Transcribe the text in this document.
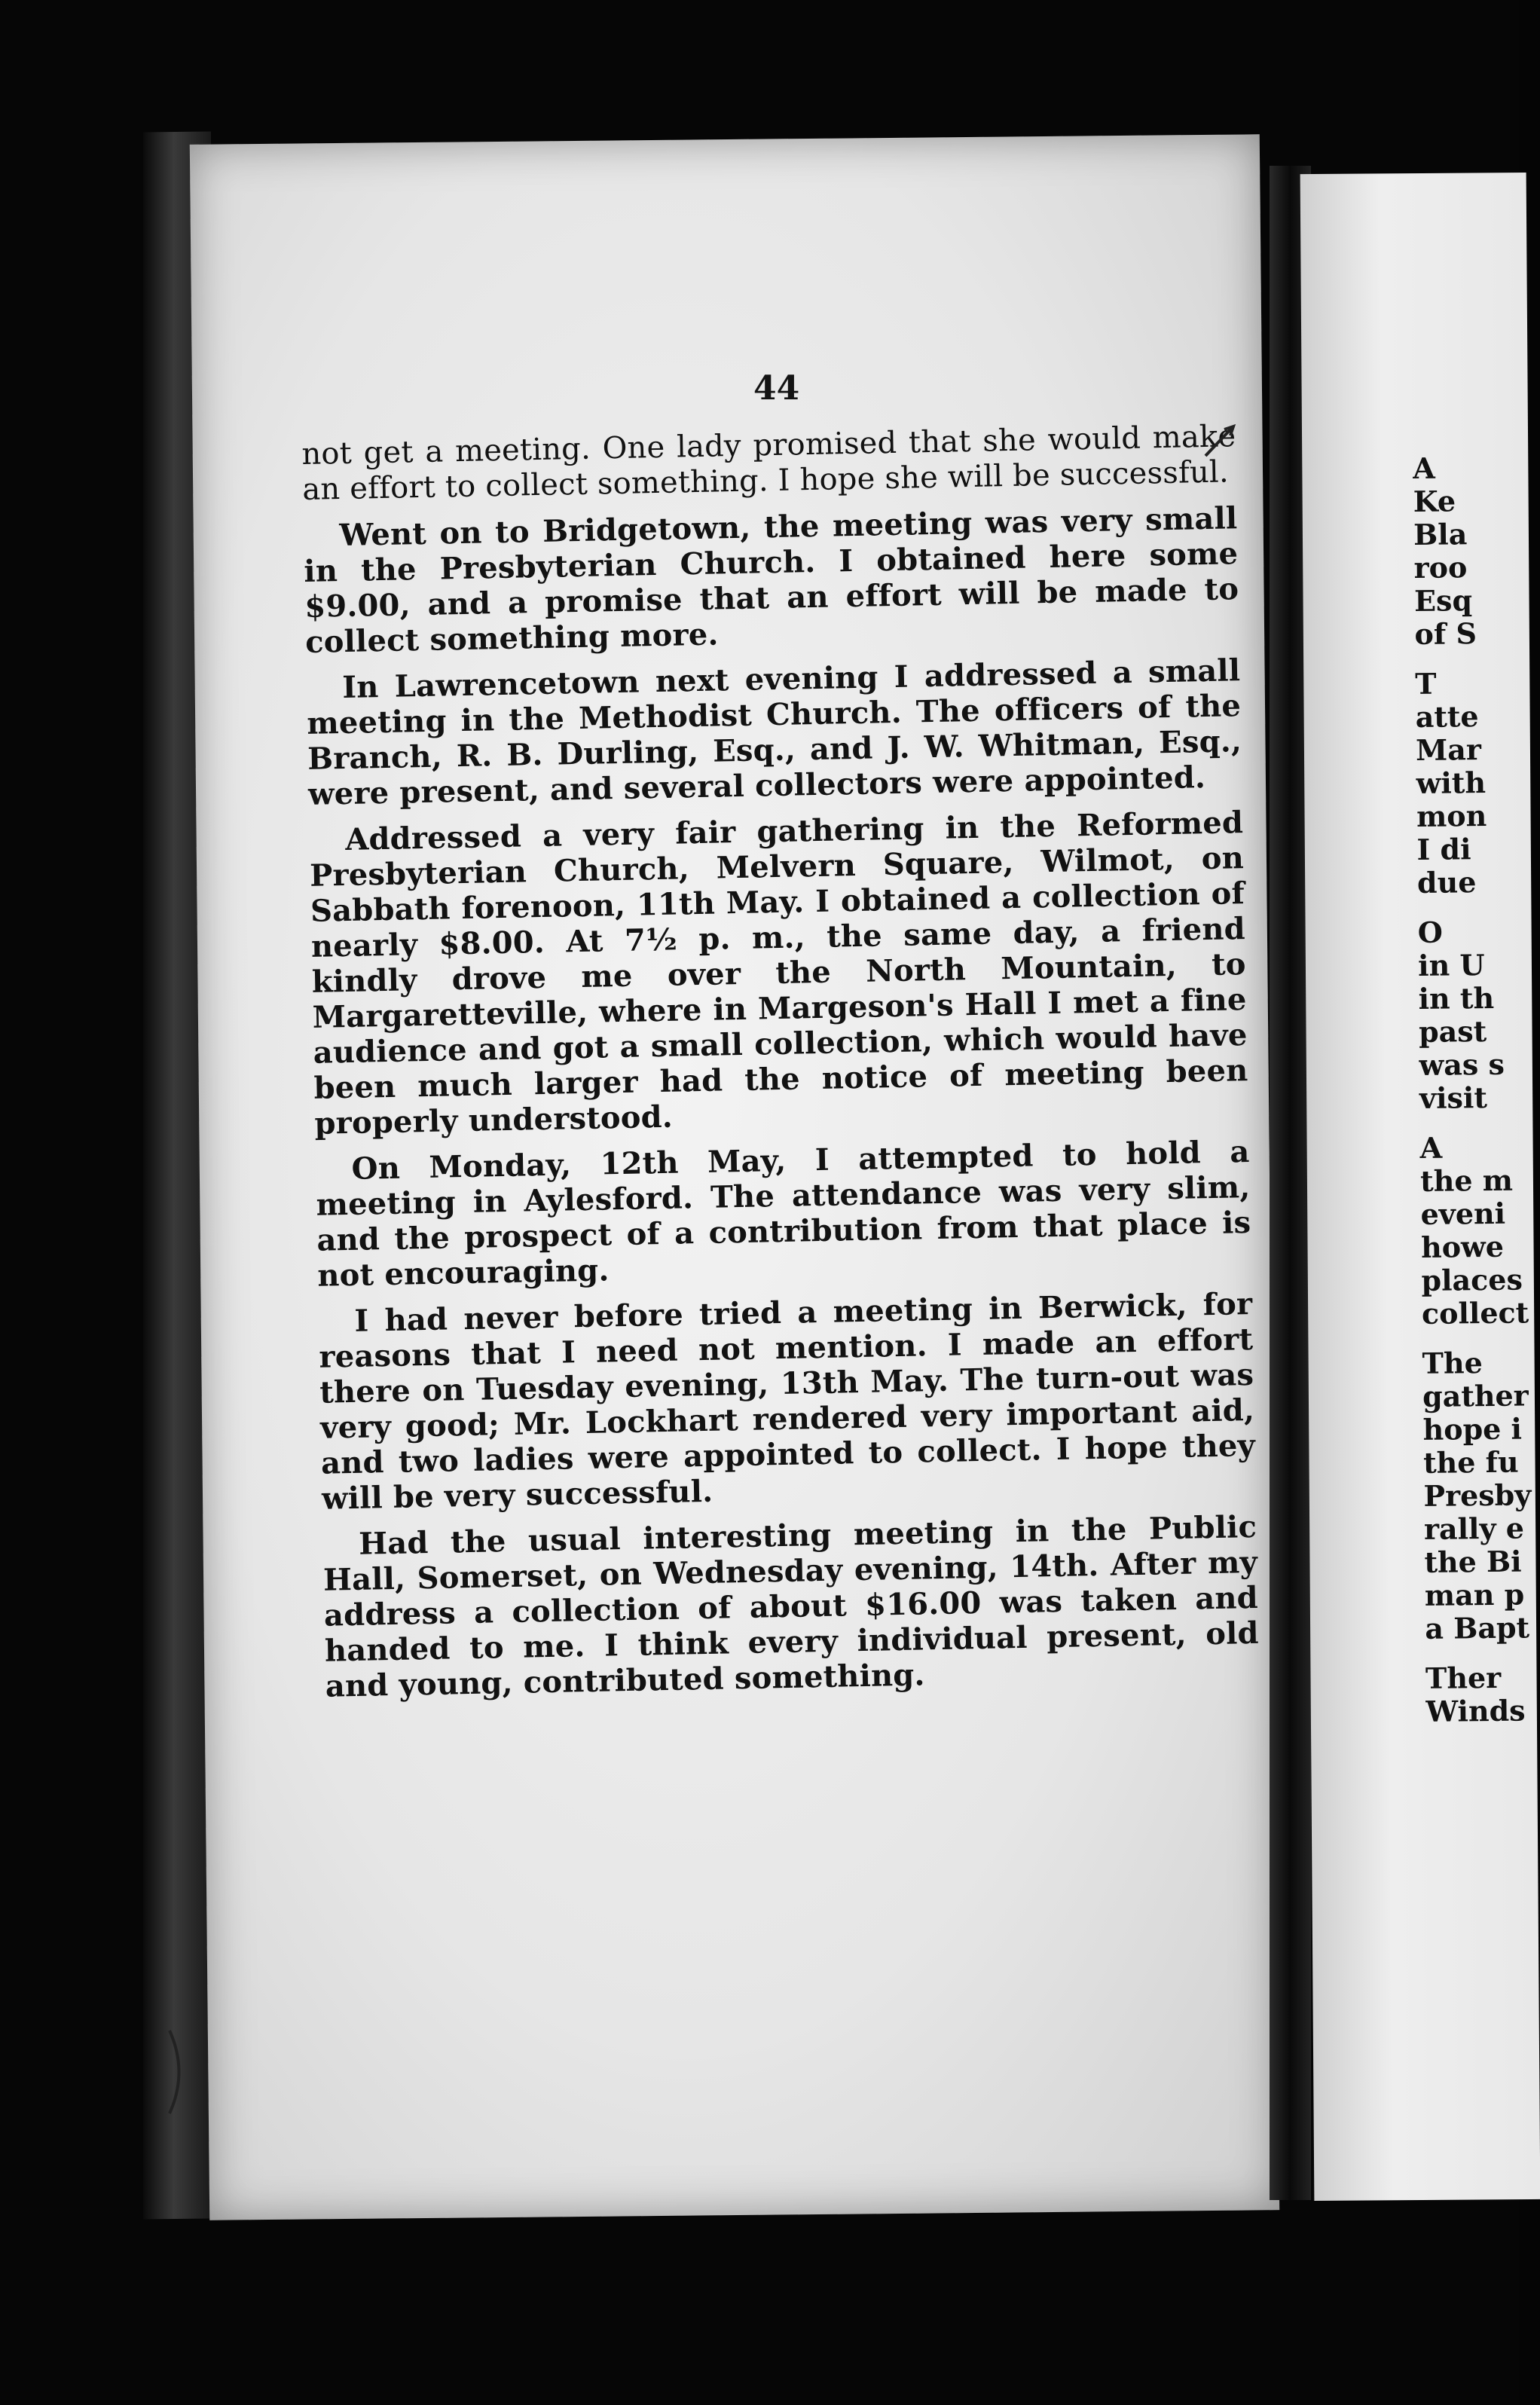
44

not get a meeting. One lady promised that she would make an effort to collect something. I hope she will be successful.

Went on to Bridgetown, the meeting was very small in the Presbyterian Church. I obtained here some $9.00, and a promise that an effort will be made to collect something more.

In Lawrencetown next evening I addressed a small meeting in the Methodist Church. The officers of the Branch, R. B. Durling, Esq., and J. W. Whitman, Esq., were present, and several collectors were appointed.

Addressed a very fair gathering in the Reformed Presbyterian Church, Melvern Square, Wilmot, on Sabbath forenoon, 11th May. I obtained a collection of nearly $8.00. At 7½ p. m., the same day, a friend kindly drove me over the North Mountain, to Margaretteville, where in Margeson's Hall I met a fine audience and got a small collection, which would have been much larger had the notice of meeting been properly understood.

On Monday, 12th May, I attempted to hold a meeting in Aylesford. The attendance was very slim, and the prospect of a contribution from that place is not encouraging.

I had never before tried a meeting in Berwick, for reasons that I need not mention. I made an effort there on Tuesday evening, 13th May. The turn-out was very good; Mr. Lockhart rendered very important aid, and two ladies were appointed to collect. I hope they will be very successful.

Had the usual interesting meeting in the Public Hall, Somerset, on Wednesday evening, 14th. After my address a collection of about $16.00 was taken and handed to me. I think every individual present, old and young, contributed something.

A
Ke
Bla
roo
Esq
of S
T
atte
Mar
with
mon
I di
due
O
in U
in th
past
was s
visit
A
the m
eveni
howe
places
collect
The
gather
hope i
the fu
Presby
rally e
the Bi
man p
a Bapt
Ther
Winds
